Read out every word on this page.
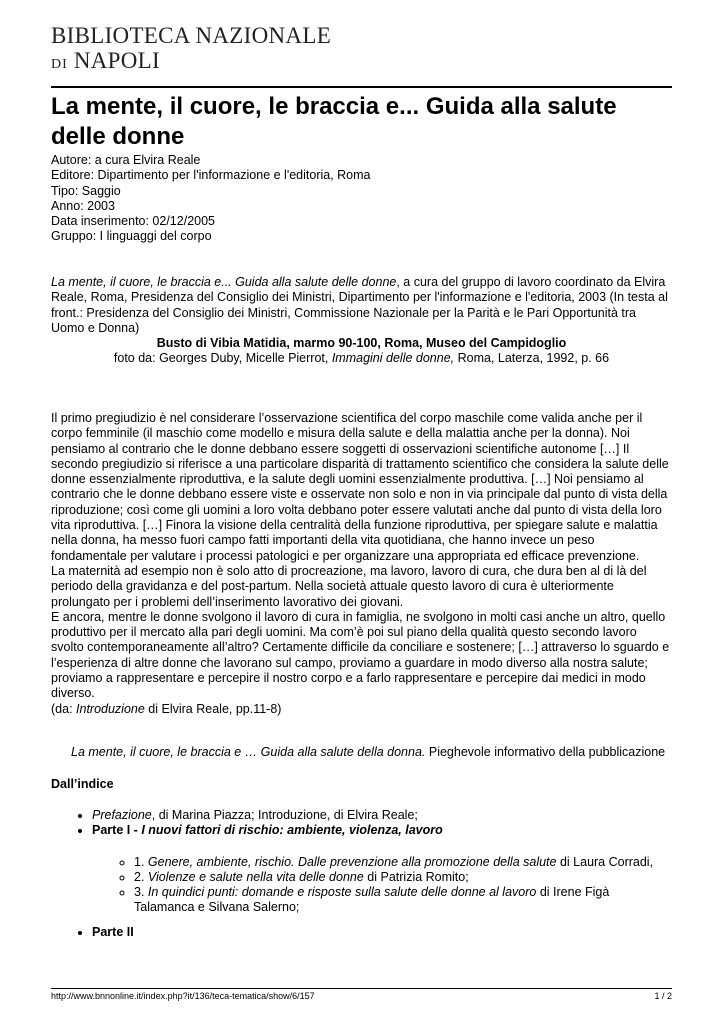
BIBLIOTECA NAZIONALE
DI NAPOLI
La mente, il cuore, le braccia e... Guida alla salute delle donne
Autore: a cura Elvira Reale
Editore: Dipartimento per l'informazione e l'editoria, Roma
Tipo: Saggio
Anno: 2003
Data inserimento: 02/12/2005
Gruppo: I linguaggi del corpo
La mente, il cuore, le braccia e... Guida alla salute delle donne, a cura del gruppo di lavoro coordinato da Elvira Reale, Roma, Presidenza del Consiglio dei Ministri, Dipartimento per l'informazione e l'editoria, 2003 (In testa al front.: Presidenza del Consiglio dei Ministri, Commissione Nazionale per la Parità e le Pari Opportunità tra Uomo e Donna)
Busto di Vibia Matidia, marmo 90-100, Roma, Museo del Campidoglio
foto da: Georges Duby, Micelle Pierrot, Immagini delle donne, Roma, Laterza, 1992, p. 66

Il primo pregiudizio è nel considerare l’osservazione scientifica del corpo maschile come valida anche per il corpo femminile (il maschio come modello e misura della salute e della malattia anche per la donna). Noi pensiamo al contrario che le donne debbano essere soggetti di osservazioni scientifiche autonome […] Il secondo pregiudizio si riferisce a una particolare disparità di trattamento scientifico che considera la salute delle donne essenzialmente riproduttiva, e la salute degli uomini essenzialmente produttiva. […] Noi pensiamo al contrario che le donne debbano essere viste e osservate non solo e non in via principale dal punto di vista della riproduzione; così come gli uomini a loro volta debbano poter essere valutati anche dal punto di vista della loro vita riproduttiva. […] Finora la visione della centralità della funzione riproduttiva, per spiegare salute e malattia nella donna, ha messo fuori campo fatti importanti della vita quotidiana, che hanno invece un peso fondamentale per valutare i processi patologici e per organizzare una appropriata ed efficace prevenzione.

La maternità ad esempio non è solo atto di procreazione, ma lavoro, lavoro di cura, che dura ben al di là del periodo della gravidanza e del post-partum. Nella società attuale questo lavoro di cura è ulteriormente prolungato per i problemi dell’inserimento lavorativo dei giovani.

E ancora, mentre le donne svolgono il lavoro di cura in famiglia, ne svolgono in molti casi anche un altro, quello produttivo per il mercato alla pari degli uomini. Ma com’è poi sul piano della qualità questo secondo lavoro svolto contemporaneamente all’altro? Certamente difficile da conciliare e sostenere; […] attraverso lo sguardo e l’esperienza di altre donne che lavorano sul campo, proviamo a guardare in modo diverso alla nostra salute; proviamo a rappresentare e percepire il nostro corpo e a farlo rappresentare e percepire dai medici in modo diverso.

(da: Introduzione di Elvira Reale, pp.11-8)

La mente, il cuore, le braccia e … Guida alla salute della donna. Pieghevole informativo della pubblicazione
Dall’indice
• Prefazione, di Marina Piazza; Introduzione, di Elvira Reale;
• Parte I - I nuovi fattori di rischio: ambiente, violenza, lavoro
◦ 1. Genere, ambiente, rischio. Dalle prevenzione alla promozione della salute di Laura Corradi,
◦ 2. Violenze e salute nella vita delle donne di Patrizia Romito;
◦ 3. In quindici punti: domande e risposte sulla salute delle donne al lavoro di Irene Figà Talamanca e Silvana Salerno;
• Parte II
http://www.bnnonline.it/index.php?it/136/teca-tematica/show/6/157	1 / 2
